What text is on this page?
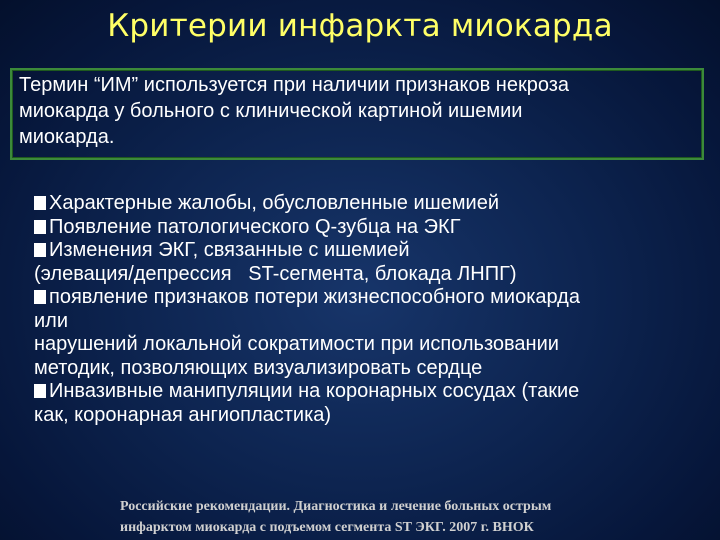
Критерии инфаркта миокарда
Термин “ИМ” используется при наличии признаков некроза
миокарда у больного с клинической картиной ишемии
миокарда.
Характерные жалобы, обусловленные ишемией
Появление патологического Q-зубца на ЭКГ
Изменения ЭКГ, связанные с ишемией
(элевация/депрессия   ST-сегмента, блокада ЛНПГ)
появление признаков потери жизнеспособного миокарда
или
нарушений локальной сократимости при использовании
методик, позволяющих визуализировать сердце
Инвазивные манипуляции на коронарных сосудах (такие
как, коронарная ангиопластика)
Российские рекомендации. Диагностика и лечение больных острым
инфарктом миокарда с подъемом сегмента ST ЭКГ. 2007 г. ВНОК
